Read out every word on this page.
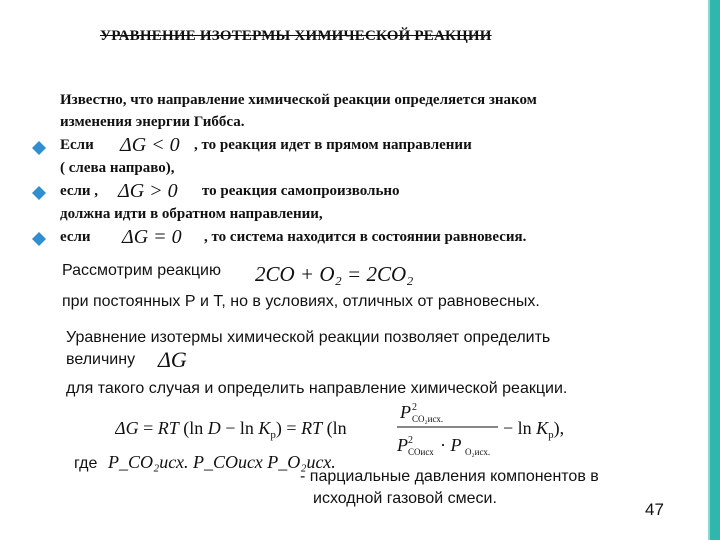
УРАВНЕНИЕ ИЗОТЕРМЫ ХИМИЧЕСКОЙ РЕАКЦИИ
Известно, что направление химической реакции определяется знаком
изменения энергии Гиббса.
Если ΔG < 0 , то реакция идет в прямом направлении
( слева направо),
если , ΔG > 0 то реакция самопроизвольно
должна идти в обратном направлении,
если ΔG = 0 , то система находится в состоянии равновесия.
Рассмотрим реакцию 2CO + O₂ = 2CO₂
при постоянных Р и Т, но в условиях, отличных от равновесных.
Уравнение изотермы химической реакции позволяет определить
величину ΔG
для такого случая и определить направление химической реакции.
ΔG = RT (ln $D - \ln K_p$) = RT (ln
P 2
CO₂исх.
P 2
COисх · P O₂исх.
− $\ln K_p$),
где P_CO₂исх. P_COисх P_O₂исх.
- парциальные давления компонентов в
исходной газовой смеси.
47
